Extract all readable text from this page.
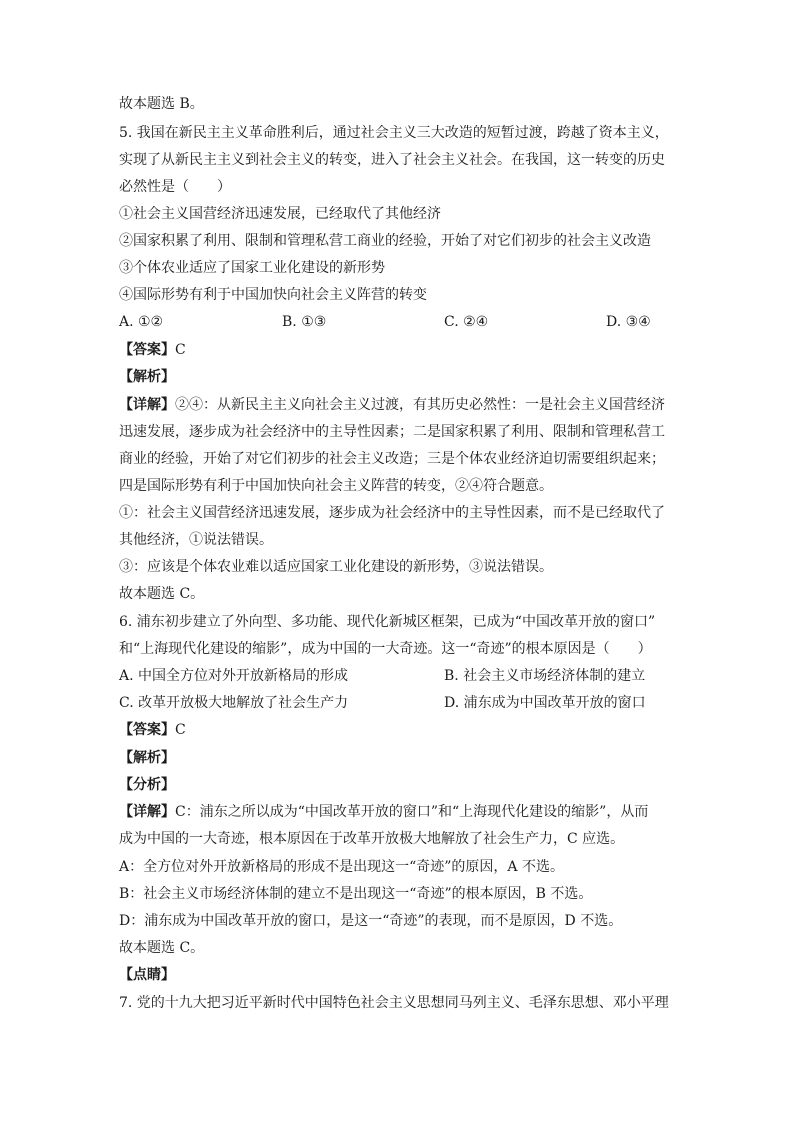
故本题选 B。
5. 我国在新民主主义革命胜利后，通过社会主义三大改造的短暂过渡，跨越了资本主义，
实现了从新民主主义到社会主义的转变，进入了社会主义社会。在我国，这一转变的历史
必然性是（　　）
①社会主义国营经济迅速发展，已经取代了其他经济
②国家积累了利用、限制和管理私营工商业的经验，开始了对它们初步的社会主义改造
③个体农业适应了国家工业化建设的新形势
④国际形势有利于中国加快向社会主义阵营的转变
A. ①②	B. ①③	C. ②④	D. ③④
【答案】C
【解析】
【详解】②④：从新民主主义向社会主义过渡，有其历史必然性：一是社会主义国营经济
迅速发展，逐步成为社会经济中的主导性因素；二是国家积累了利用、限制和管理私营工
商业的经验，开始了对它们初步的社会主义改造；三是个体农业经济迫切需要组织起来；
四是国际形势有利于中国加快向社会主义阵营的转变，②④符合题意。
①：社会主义国营经济迅速发展，逐步成为社会经济中的主导性因素，而不是已经取代了
其他经济，①说法错误。
③：应该是个体农业难以适应国家工业化建设的新形势，③说法错误。
故本题选 C。
6. 浦东初步建立了外向型、多功能、现代化新城区框架，已成为“中国改革开放的窗口”
和“上海现代化建设的缩影”，成为中国的一大奇迹。这一“奇迹”的根本原因是（　　）
A. 中国全方位对外开放新格局的形成	B. 社会主义市场经济体制的建立
C. 改革开放极大地解放了社会生产力	D. 浦东成为中国改革开放的窗口
【答案】C
【解析】
【分析】
【详解】C：浦东之所以成为“中国改革开放的窗口”和“上海现代化建设的缩影”，从而
成为中国的一大奇迹，根本原因在于改革开放极大地解放了社会生产力，C 应选。
A：全方位对外开放新格局的形成不是出现这一“奇迹”的原因，A 不选。
B：社会主义市场经济体制的建立不是出现这一“奇迹”的根本原因，B 不选。
D：浦东成为中国改革开放的窗口，是这一“奇迹”的表现，而不是原因，D 不选。
故本题选 C。
【点睛】
7. 党的十九大把习近平新时代中国特色社会主义思想同马列主义、毛泽东思想、邓小平理
